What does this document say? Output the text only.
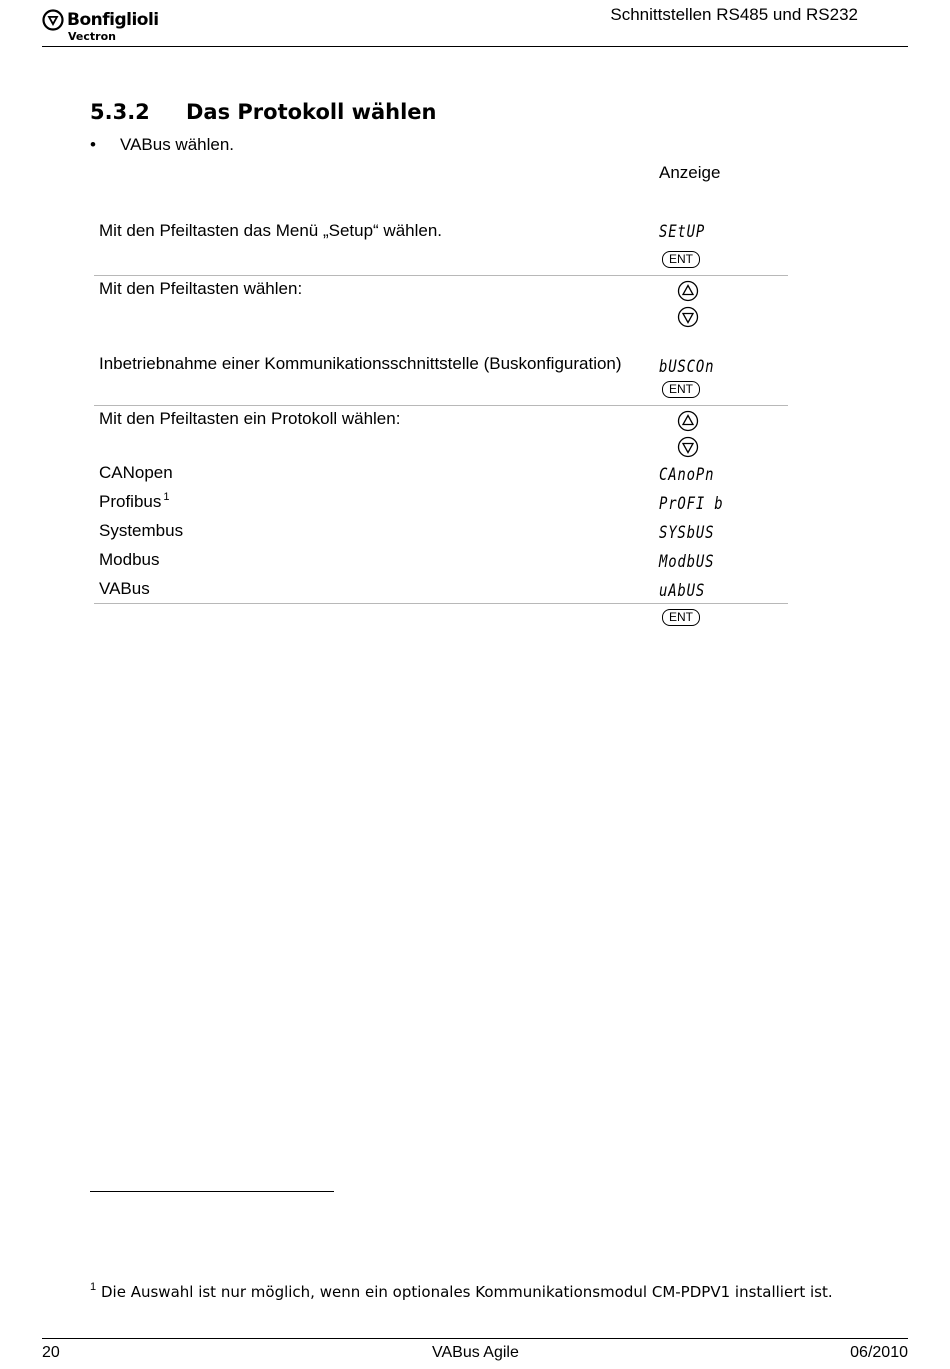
Bonfiglioli
Vectron
Schnittstellen RS485 und RS232
5.3.2 Das Protokoll wählen
• VABus wählen.
Anzeige
Mit den Pfeiltasten das Menü „Setup“ wählen.	SEtUP
ENT
Mit den Pfeiltasten wählen:
Inbetriebnahme einer Kommunikationsschnittstelle (Buskonfiguration) bUSCOn
ENT
Mit den Pfeiltasten ein Protokoll wählen:
CANopen	CAnoPn
Profibus $^1$	PrOFI b
Systembus	SYSbUS
Modbus	ModbUS
VABus	uAbUS
ENT
1 Die Auswahl ist nur möglich, wenn ein optionales Kommunikationsmodul CM-PDPV1 installiert ist.
20	VABus Agile	06/2010
